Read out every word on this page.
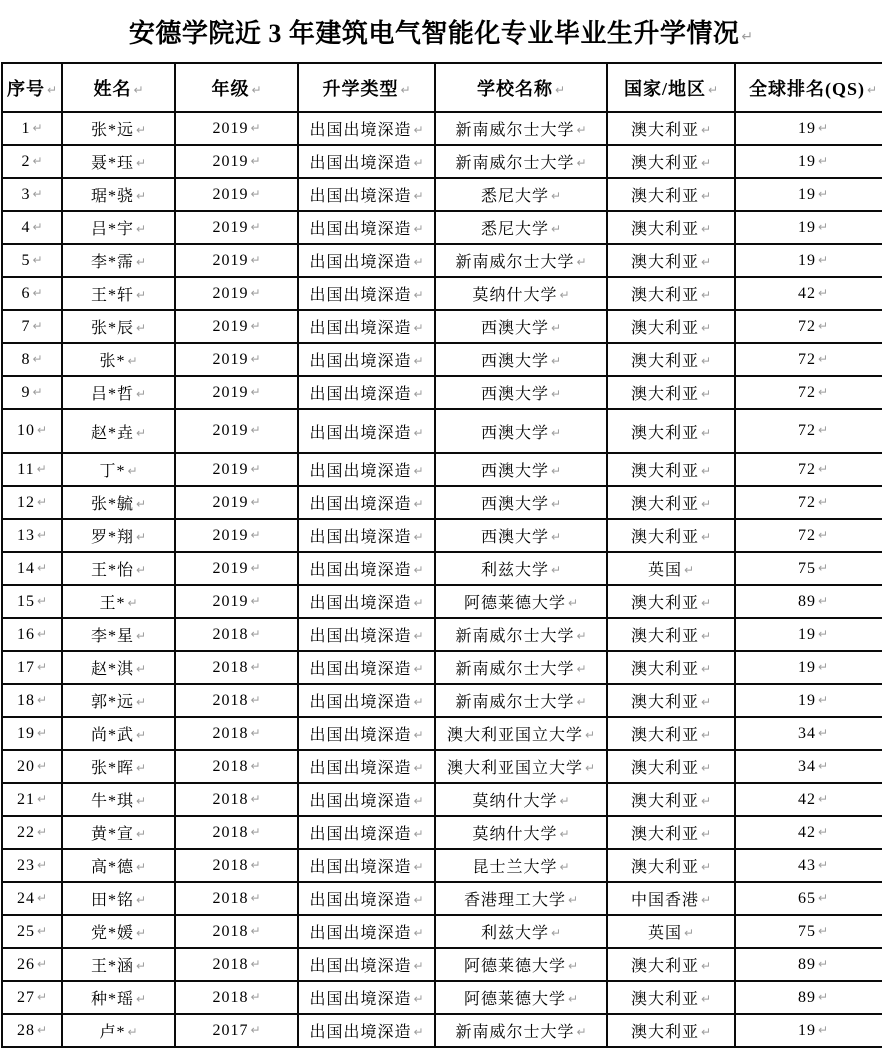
安德学院近 3 年建筑电气智能化专业毕业生升学情况 ↵
序号 ↵	姓名 ↵	年级 ↵	升学类型 ↵	学校名称 ↵	国家/地区 ↵	全球排名(QS) ↵
1 ↵	张*远 ↵	2019 ↵	出国出境深造 ↵	新南威尔士大学 ↵	澳大利亚 ↵	19 ↵
2 ↵	聂*珏 ↵	2019 ↵	出国出境深造 ↵	新南威尔士大学 ↵	澳大利亚 ↵	19 ↵
3 ↵	琚*骁 ↵	2019 ↵	出国出境深造 ↵	悉尼大学 ↵	澳大利亚 ↵	19 ↵
4 ↵	吕*宇 ↵	2019 ↵	出国出境深造 ↵	悉尼大学 ↵	澳大利亚 ↵	19 ↵
5 ↵	李*霈 ↵	2019 ↵	出国出境深造 ↵	新南威尔士大学 ↵	澳大利亚 ↵	19 ↵
6 ↵	王*轩 ↵	2019 ↵	出国出境深造 ↵	莫纳什大学 ↵	澳大利亚 ↵	42 ↵
7 ↵	张*辰 ↵	2019 ↵	出国出境深造 ↵	西澳大学 ↵	澳大利亚 ↵	72 ↵
8 ↵	张* ↵	2019 ↵	出国出境深造 ↵	西澳大学 ↵	澳大利亚 ↵	72 ↵
9 ↵	吕*哲 ↵	2019 ↵	出国出境深造 ↵	西澳大学 ↵	澳大利亚 ↵	72 ↵
10 ↵	赵*垚 ↵	2019 ↵	出国出境深造 ↵	西澳大学 ↵	澳大利亚 ↵	72 ↵
11 ↵	丁* ↵	2019 ↵	出国出境深造 ↵	西澳大学 ↵	澳大利亚 ↵	72 ↵
12 ↵	张*毓 ↵	2019 ↵	出国出境深造 ↵	西澳大学 ↵	澳大利亚 ↵	72 ↵
13 ↵	罗*翔 ↵	2019 ↵	出国出境深造 ↵	西澳大学 ↵	澳大利亚 ↵	72 ↵
14 ↵	王*怡 ↵	2019 ↵	出国出境深造 ↵	利兹大学 ↵	英国 ↵	75 ↵
15 ↵	王* ↵	2019 ↵	出国出境深造 ↵	阿德莱德大学 ↵	澳大利亚 ↵	89 ↵
16 ↵	李*星 ↵	2018 ↵	出国出境深造 ↵	新南威尔士大学 ↵	澳大利亚 ↵	19 ↵
17 ↵	赵*淇 ↵	2018 ↵	出国出境深造 ↵	新南威尔士大学 ↵	澳大利亚 ↵	19 ↵
18 ↵	郭*远 ↵	2018 ↵	出国出境深造 ↵	新南威尔士大学 ↵	澳大利亚 ↵	19 ↵
19 ↵	尚*武 ↵	2018 ↵	出国出境深造 ↵	澳大利亚国立大学 ↵	澳大利亚 ↵	34 ↵
20 ↵	张*晖 ↵	2018 ↵	出国出境深造 ↵	澳大利亚国立大学 ↵	澳大利亚 ↵	34 ↵
21 ↵	牛*琪 ↵	2018 ↵	出国出境深造 ↵	莫纳什大学 ↵	澳大利亚 ↵	42 ↵
22 ↵	黄*宣 ↵	2018 ↵	出国出境深造 ↵	莫纳什大学 ↵	澳大利亚 ↵	42 ↵
23 ↵	高*德 ↵	2018 ↵	出国出境深造 ↵	昆士兰大学 ↵	澳大利亚 ↵	43 ↵
24 ↵	田*铭 ↵	2018 ↵	出国出境深造 ↵	香港理工大学 ↵	中国香港 ↵	65 ↵
25 ↵	党*媛 ↵	2018 ↵	出国出境深造 ↵	利兹大学 ↵	英国 ↵	75 ↵
26 ↵	王*涵 ↵	2018 ↵	出国出境深造 ↵	阿德莱德大学 ↵	澳大利亚 ↵	89 ↵
27 ↵	种*瑶 ↵	2018 ↵	出国出境深造 ↵	阿德莱德大学 ↵	澳大利亚 ↵	89 ↵
28 ↵	卢* ↵	2017 ↵	出国出境深造 ↵	新南威尔士大学 ↵	澳大利亚 ↵	19 ↵
